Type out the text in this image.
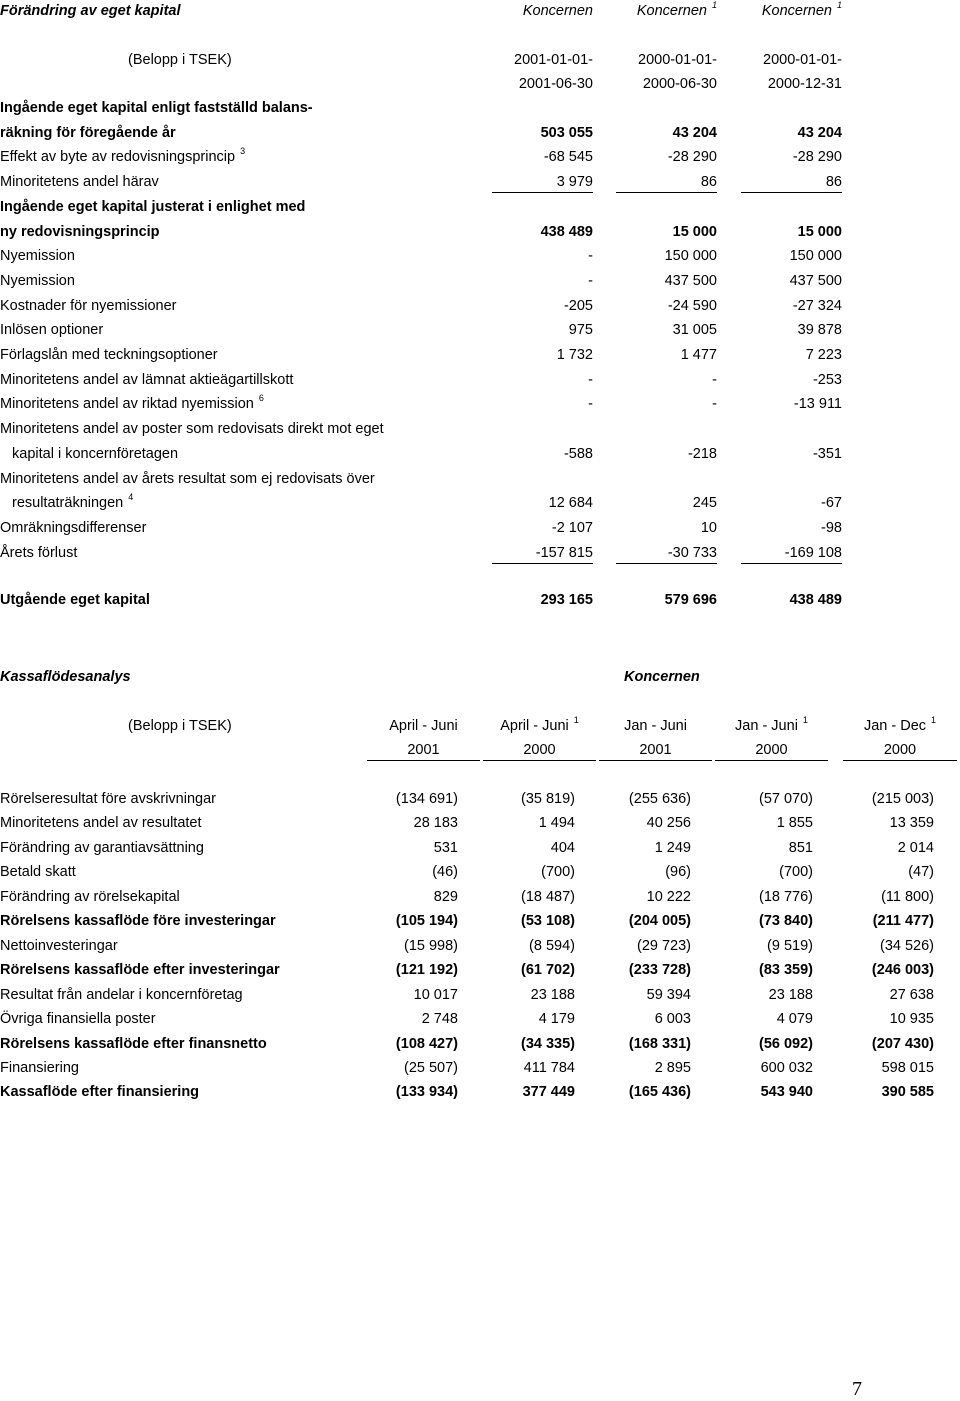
Förändring av eget kapital	Koncernen	Koncernen $^1$	Koncernen $^1$
(Belopp i TSEK)	2001-01-01-	2000-01-01-	2000-01-01-
2001-06-30	2000-06-30	2000-12-31
Ingående eget kapital enligt fastställd balans-
räkning för föregående år	503 055	43 204	43 204
Effekt av byte av redovisningsprincip $^3$	-68 545	-28 290	-28 290
Minoritetens andel härav	3 979	86	86
Ingående eget kapital justerat i enlighet med
ny redovisningsprincip	438 489	15 000	15 000
Nyemission	-	150 000	150 000
Nyemission	-	437 500	437 500
Kostnader för nyemissioner	-205	-24 590	-27 324
Inlösen optioner	975	31 005	39 878
Förlagslån med teckningsoptioner	1 732	1 477	7 223
Minoritetens andel av lämnat aktieägartillskott	-	-	-253
Minoritetens andel av riktad nyemission $^6$	-	-	-13 911
Minoritetens andel av poster som redovisats direkt mot eget
kapital i koncernföretagen	-588	-218	-351
Minoritetens andel av årets resultat som ej redovisats över
resultaträkningen $^4$	12 684	245	-67
Omräkningsdifferenser	-2 107	10	-98
Årets förlust	-157 815	-30 733	-169 108
Utgående eget kapital	293 165	579 696	438 489
Kassaflödesanalys	Koncernen
(Belopp i TSEK)	April - Juni	April - Juni $^1$	Jan - Juni	Jan - Juni $^1$	Jan - Dec $^1$
2001	2000	2001	2000	2000
Rörelseresultat före avskrivningar	(134 691)	(35 819)	(255 636)	(57 070)	(215 003)
Minoritetens andel av resultatet	28 183	1 494	40 256	1 855	13 359
Förändring av garantiavsättning	531	404	1 249	851	2 014
Betald skatt	(46)	(700)	(96)	(700)	(47)
Förändring av rörelsekapital	829	(18 487)	10 222	(18 776)	(11 800)
Rörelsens kassaflöde före investeringar	(105 194)	(53 108)	(204 005)	(73 840)	(211 477)
Nettoinvesteringar	(15 998)	(8 594)	(29 723)	(9 519)	(34 526)
Rörelsens kassaflöde efter investeringar	(121 192)	(61 702)	(233 728)	(83 359)	(246 003)
Resultat från andelar i koncernföretag	10 017	23 188	59 394	23 188	27 638
Övriga finansiella poster	2 748	4 179	6 003	4 079	10 935
Rörelsens kassaflöde efter finansnetto	(108 427)	(34 335)	(168 331)	(56 092)	(207 430)
Finansiering	(25 507)	411 784	2 895	600 032	598 015
Kassaflöde efter finansiering	(133 934)	377 449	(165 436)	543 940	390 585
7
